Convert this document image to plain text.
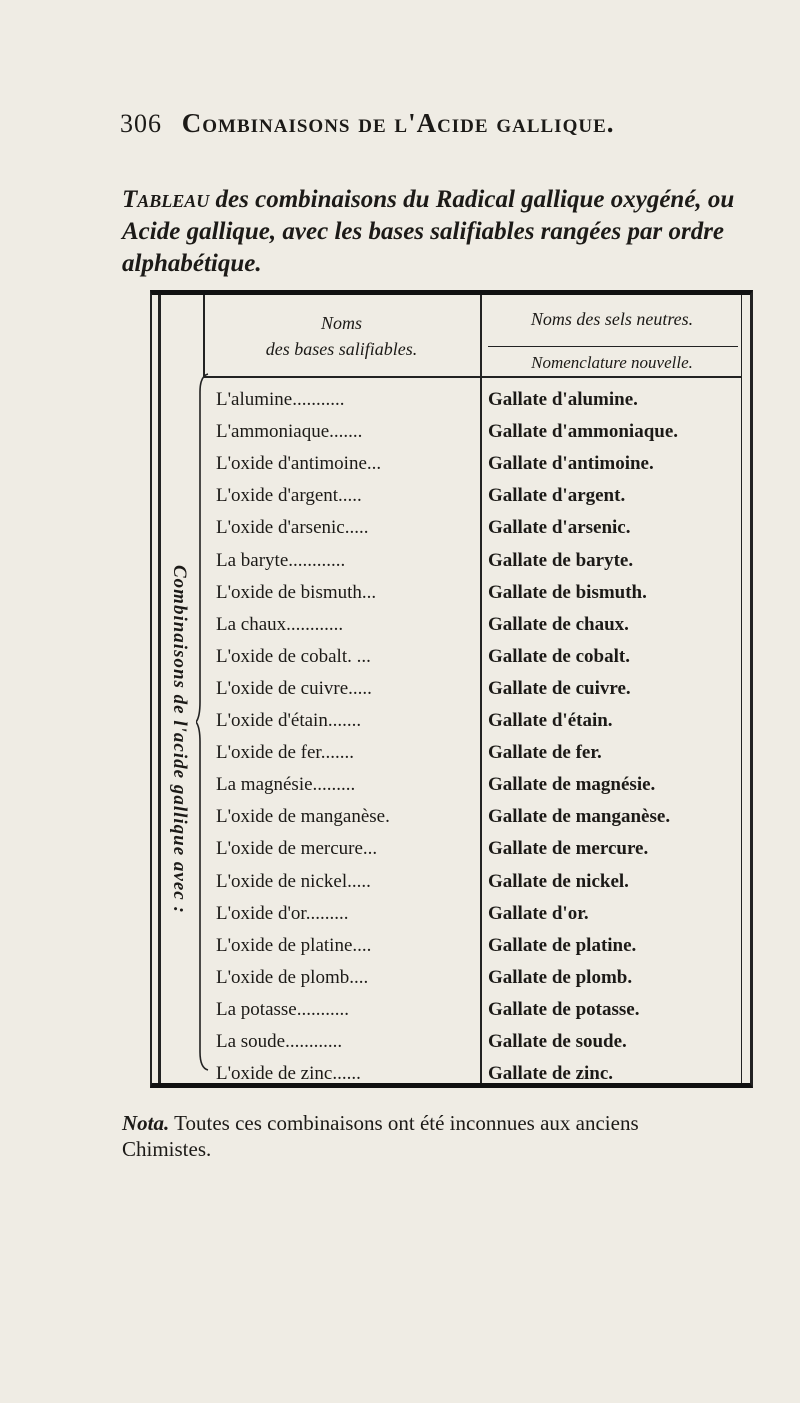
306 Combinaisons de l'Acide gallique.
Tableau des combinaisons du Radical gallique oxygéné, ou Acide gallique, avec les bases salifiables rangées par ordre alphabétique.
Noms
des bases salifiables.
Noms des sels neutres.
Nomenclature nouvelle.
Combinaisons de l'acide gallique avec :
L'alumine...........	Gallate d'alumine.
L'ammoniaque.......	Gallate d'ammoniaque.
L'oxide d'antimoine...	Gallate d'antimoine.
L'oxide d'argent.....	Gallate d'argent.
L'oxide d'arsenic.....	Gallate d'arsenic.
La baryte............	Gallate de baryte.
L'oxide de bismuth...	Gallate de bismuth.
La chaux............	Gallate de chaux.
L'oxide de cobalt. ...	Gallate de cobalt.
L'oxide de cuivre.....	Gallate de cuivre.
L'oxide d'étain.......	Gallate d'étain.
L'oxide de fer.......	Gallate de fer.
La magnésie.........	Gallate de magnésie.
L'oxide de manganèse.	Gallate de manganèse.
L'oxide de mercure...	Gallate de mercure.
L'oxide de nickel.....	Gallate de nickel.
L'oxide d'or.........	Gallate d'or.
L'oxide de platine....	Gallate de platine.
L'oxide de plomb....	Gallate de plomb.
La potasse...........	Gallate de potasse.
La soude............	Gallate de soude.
L'oxide de zinc......	Gallate de zinc.
Nota. Toutes ces combinaisons ont été inconnues aux anciens Chimistes.
